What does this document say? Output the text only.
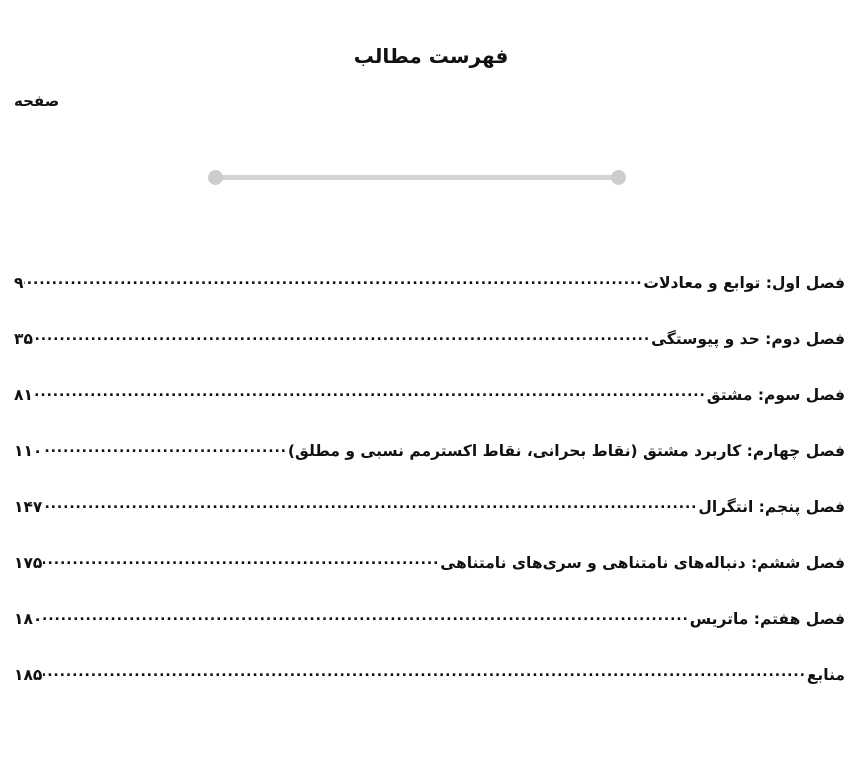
فهرست مطالب
صفحه
فصل اول: توابع و معادلات
.....
۹
فصل دوم: حد و پیوستگی
.....
۳۵
فصل سوم: مشتق
.....
۸۱
فصل چهارم: کاربرد مشتق (نقاط بحرانی، نقاط اکسترمم نسبی و مطلق)
.....
۱۱۰
فصل پنجم: انتگرال
.....
۱۴۷
فصل ششم: دنباله‌های نامتناهی و سری‌های نامتناهی
.....
۱۷۵
فصل هفتم: ماتریس
.....
۱۸۰
منابع
.....
۱۸۵
